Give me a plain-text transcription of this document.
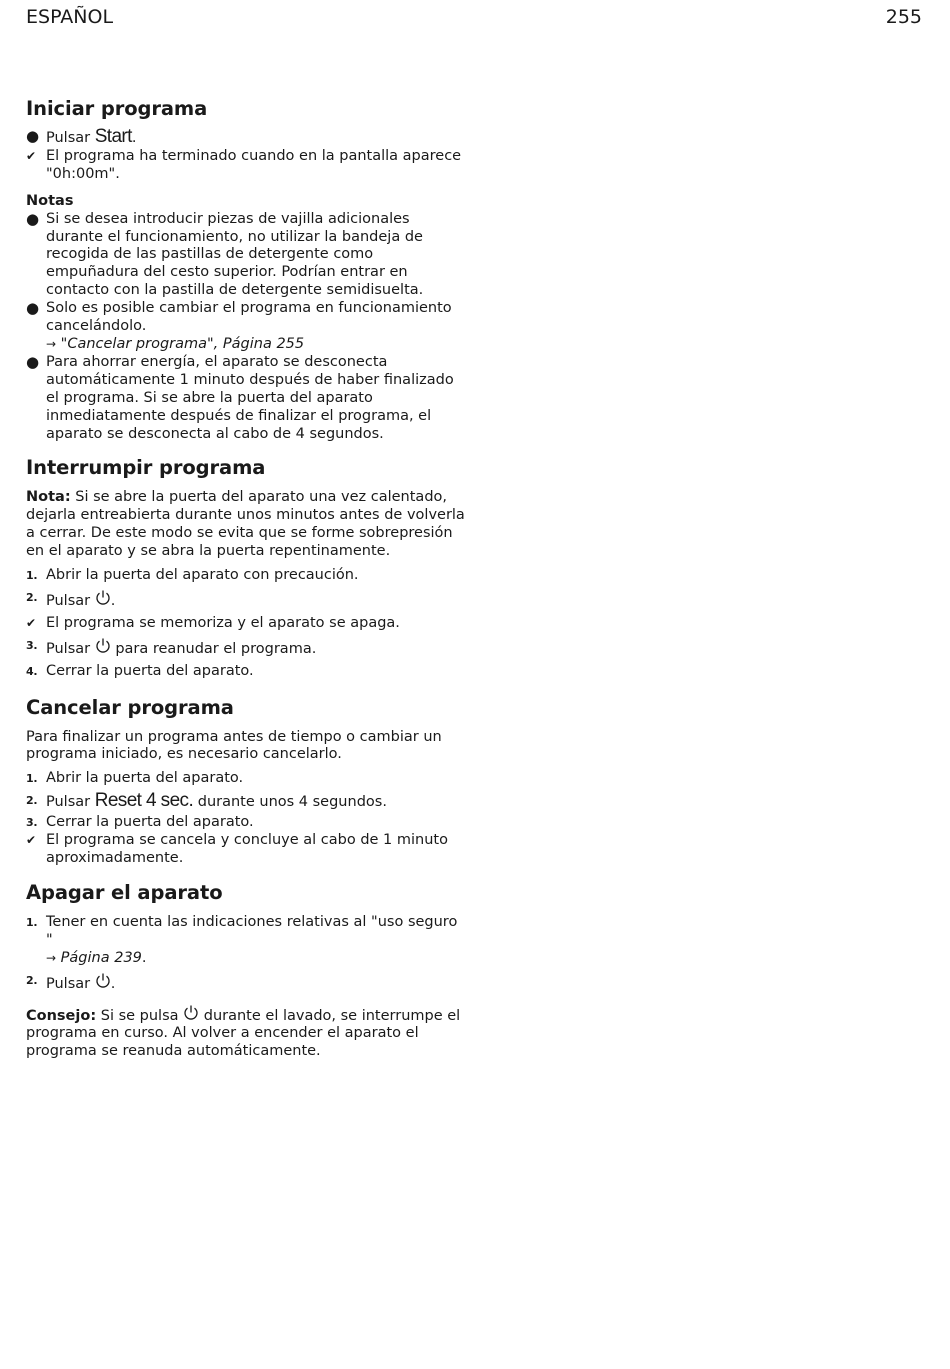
ESPAÑOL	255
Iniciar programa
● Pulsar Start.
✔ El programa ha terminado cuando en la pantalla aparece "0h:00m".

Notas

● Si se desea introducir piezas de vajilla adicionales durante el funcionamiento, no utilizar la bandeja de recogida de las pastillas de detergente como empuñadura del cesto superior. Podrían entrar en contacto con la pastilla de detergente semidisuelta.
● Solo es posible cambiar el programa en funcionamiento cancelándolo.
→ "Cancelar programa", Página 255
● Para ahorrar energía, el aparato se desconecta automáticamente 1 minuto después de haber finalizado el programa. Si se abre la puerta del aparato inmediatamente después de finalizar el programa, el aparato se desconecta al cabo de 4 segundos.
Interrumpir programa

Nota: Si se abre la puerta del aparato una vez calentado, dejarla entreabierta durante unos minutos antes de volverla a cerrar. De este modo se evita que se forme sobrepresión en el aparato y se abra la puerta repentinamente.

1. Abrir la puerta del aparato con precaución.
2. Pulsar
.
✔ El programa se memoriza y el aparato se apaga.
3. Pulsar
para reanudar el programa.
4. Cerrar la puerta del aparato.
Cancelar programa

Para finalizar un programa antes de tiempo o cambiar un programa iniciado, es necesario cancelarlo.

1. Abrir la puerta del aparato.
2. Pulsar Reset 4 sec. durante unos 4 segundos.
3. Cerrar la puerta del aparato.
✔ El programa se cancela y concluye al cabo de 1 minuto aproximadamente.
Apagar el aparato
1. Tener en cuenta las indicaciones relativas al "uso seguro "
→ Página 239.
2. Pulsar
.

Consejo: Si se pulsa
durante el lavado, se interrumpe el programa en curso. Al volver a encender el aparato el programa se reanuda automáticamente.
